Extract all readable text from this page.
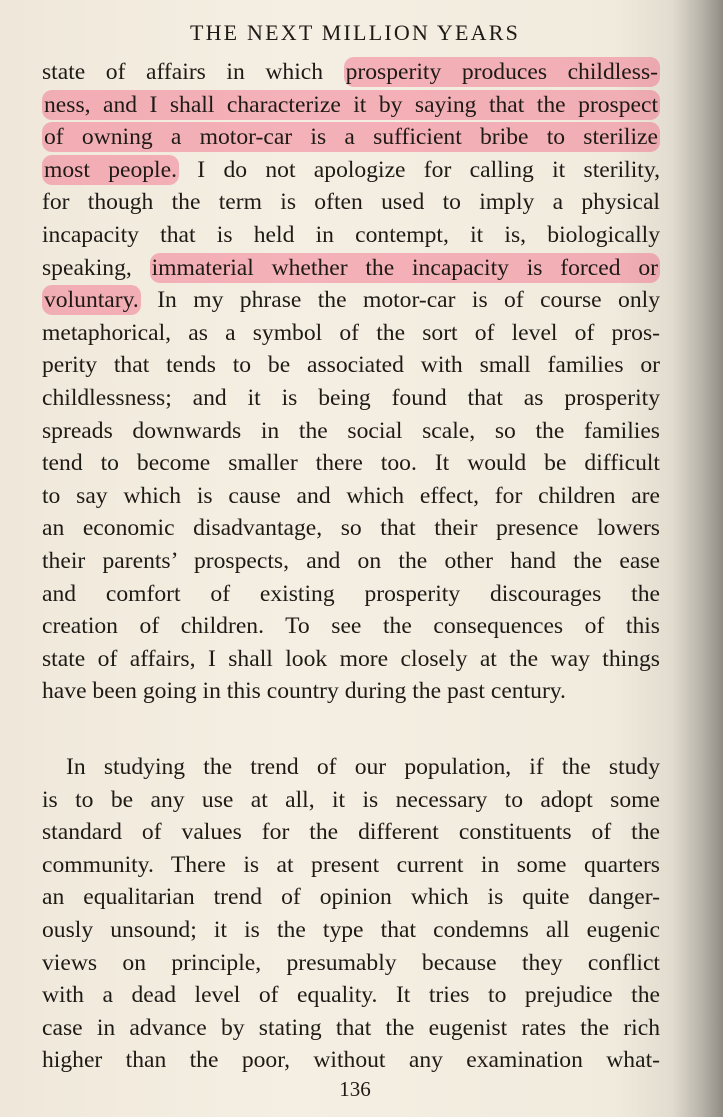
THE NEXT MILLION YEARS
state of affairs in which prosperity produces childless-
ness, and I shall characterize it by saying that the prospect
of owning a motor-car is a sufficient bribe to sterilize
most people. I do not apologize for calling it sterility,
for though the term is often used to imply a physical
incapacity that is held in contempt, it is, biologically
speaking, immaterial whether the incapacity is forced or
voluntary. In my phrase the motor-car is of course only
metaphorical, as a symbol of the sort of level of pros-
perity that tends to be associated with small families or
childlessness; and it is being found that as prosperity
spreads downwards in the social scale, so the families
tend to become smaller there too. It would be difficult
to say which is cause and which effect, for children are
an economic disadvantage, so that their presence lowers
their parents’ prospects, and on the other hand the ease
and comfort of existing prosperity discourages the
creation of children. To see the consequences of this
state of affairs, I shall look more closely at the way things
have been going in this country during the past century.
In studying the trend of our population, if the study
is to be any use at all, it is necessary to adopt some
standard of values for the different constituents of the
community. There is at present current in some quarters
an equalitarian trend of opinion which is quite danger-
ously unsound; it is the type that condemns all eugenic
views on principle, presumably because they conflict
with a dead level of equality. It tries to prejudice the
case in advance by stating that the eugenist rates the rich
higher than the poor, without any examination what-
136
